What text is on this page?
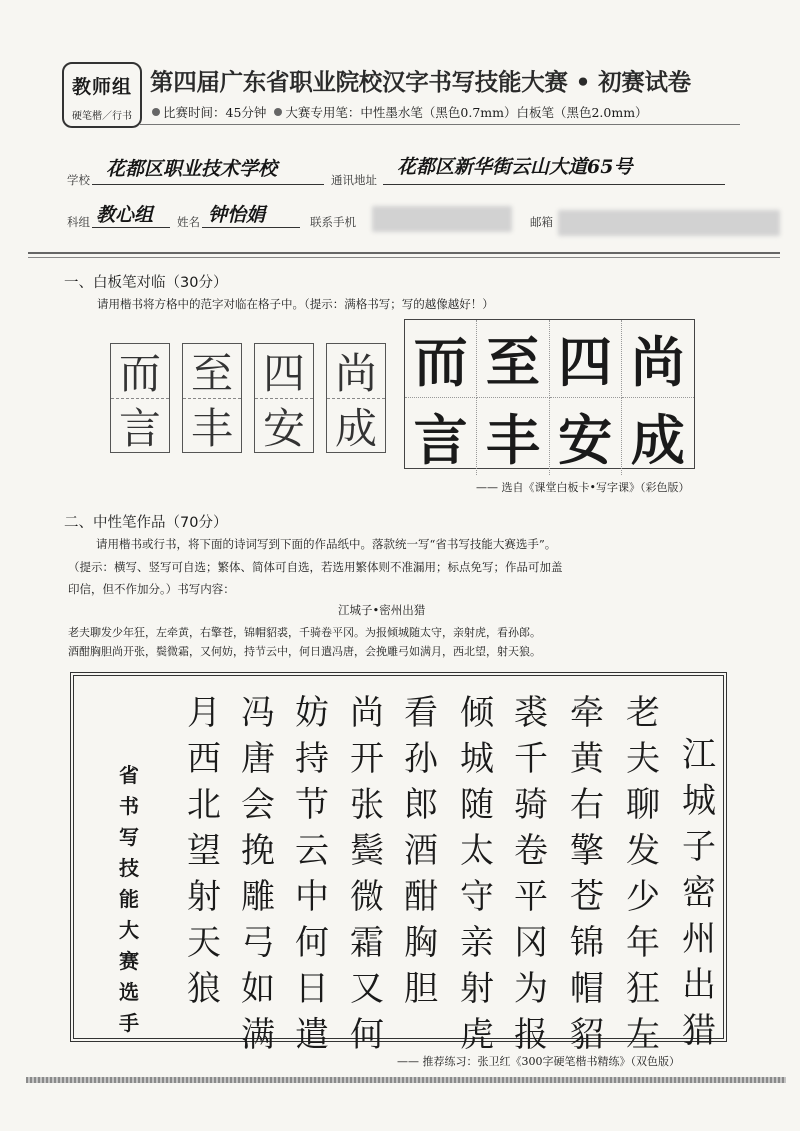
教师组
硬笔楷／行书
第四届广东省职业院校汉字书写技能大赛 • 初赛试卷
比赛时间：45分钟 大赛专用笔：中性墨水笔（黑色0.7mm）白板笔（黑色2.0mm）
学校 花都区职业技术学校	通讯地址
花都区新华街云山大道65号
科组 教心组 姓名 钟怡娟	联系手机	邮箱
一、白板笔对临（30分）
请用楷书将方格中的范字对临在格子中。（提示：满格书写；写的越像越好！）
而
言
至
丰
四
安
尚
成
而 至 四 尚
言 丰 安 成
—— 选自《课堂白板卡•写字课》（彩色版）
二、中性笔作品（70分）
请用楷书或行书，将下面的诗词写到下面的作品纸中。落款统一写“省书写技能大赛选手”。
（提示：横写、竖写可自选；繁体、简体可自选，若选用繁体则不准漏用；标点免写；作品可加盖
印信，但不作加分。）书写内容：
江城子•密州出猎
老夫聊发少年狂，左牵黄，右擎苍，锦帽貂裘，千骑卷平冈。为报倾城随太守，亲射虎，看孙郎。
酒酣胸胆尚开张，鬓微霜，又何妨，持节云中，何日遣冯唐，会挽雕弓如满月，西北望，射天狼。
省
书
写
技
能
大
赛
选
手
江
城
子
密
州
出
猎
老
夫
聊
发
少
年
狂
左
牵
黄
右
擎
苍
锦
帽
貂
裘
千
骑
卷
平
冈
为
报
倾
城
随
太
守
亲
射
虎
看
孙
郎
酒
酣
胸
胆
尚
开
张
鬓
微
霜
又
何
妨
持
节
云
中
何
日
遣
冯
唐
会
挽
雕
弓
如
满
月
西
北
望
射
天
狼
—— 推荐练习：张卫红《300字硬笔楷书精练》（双色版）
